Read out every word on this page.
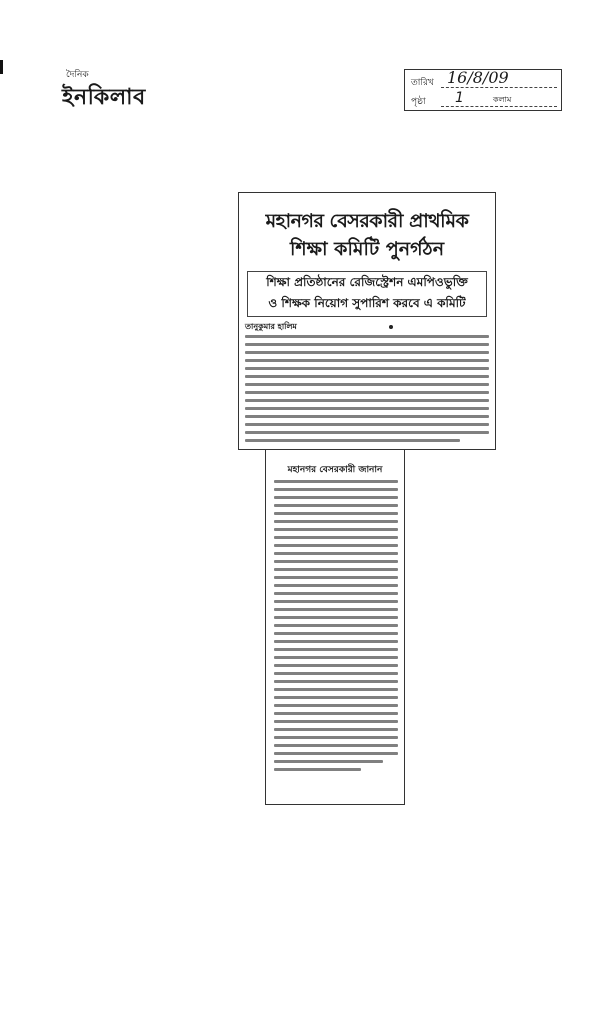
দৈনিক
ইনকিলাব
তারিখ 16/8/09
পৃষ্ঠা 1	কলাম
মহানগর বেসরকারী প্রাথমিক
শিক্ষা কমিটি পুনর্গঠন
শিক্ষা প্রতিষ্ঠানের রেজিস্ট্রেশন এমপিওভুক্তি
ও শিক্ষক নিয়োগ সুপারিশ করবে এ কমিটি
তানুকুমার হালিম
মহানগর বেসরকারী জানান
